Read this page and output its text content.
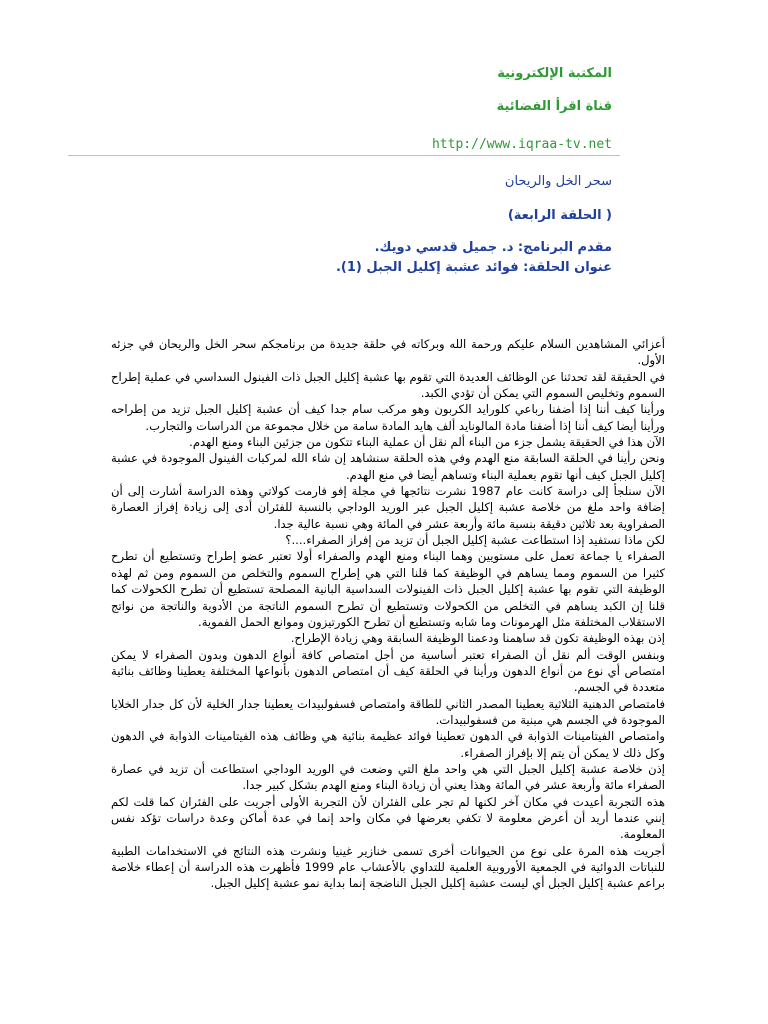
المكتبة الإلكترونية
قناة اقرأ الفضائية
http://www.iqraa-tv.net
سحر الخل والريحان
( الحلقة الرابعة)
مقدم البرنامج: د. جميل قدسي دويك.
عنوان الحلقة: فوائد عشبة إكليل الجبل (1).

أعزائي المشاهدين السلام عليكم ورحمة الله وبركاته في حلقة جديدة من برنامجكم سحر الخل والريحان في جزئه الأول.

في الحقيقة لقد تحدثنا عن الوظائف العديدة التي تقوم بها عشبة إكليل الجبل ذات الفينول السداسي في عملية إطراح السموم وتخليص السموم التي يمكن أن تؤدي الكبد.

ورأينا كيف أننا إذا أضفنا رباعي كلورايد الكربون وهو مركب سام جدا كيف أن عشبة إكليل الجبل تزيد من إطراحه ورأينا أيضا كيف أننا إذا أضفنا مادة المالونايد ألف هايد المادة سامة من خلال مجموعة من الدراسات والتجارب.

الآن هذا في الحقيقة يشمل جزء من البناء ألم نقل أن عملية البناء تتكون من جزئين البناء ومنع الهدم.

ونحن رأينا في الحلقة السابقة منع الهدم وفي هذه الحلقة سنشاهد إن شاء الله لمركبات الفينول الموجودة في عشبة إكليل الجبل كيف أنها تقوم بعملية البناء وتساهم أيضا في منع الهدم.

الآن سنلجأ إلى دراسة كانت عام 1987 نشرت نتائجها في مجلة إفو فارمت كولاتي وهذه الدراسة أشارت إلى أن إضافة واحد ملغ من خلاصة عشبة إكليل الجبل عبر الوريد الوداجي بالنسبة للفئران أدى إلى زيادة إفراز العصارة الصفراوية بعد ثلاثين دقيقة بنسبة مائة وأربعة عشر في المائة وهي نسبة عالية جدا.

لكن ماذا نستفيد إذا استطاعت عشبة إكليل الجبل أن تزيد من إفراز الصفراء....؟

الصفراء يا جماعة تعمل على مستويين وهما البناء ومنع الهدم والصفراء أولا تعتبر عضو إطراح وتستطيع أن تطرح كثيرا من السموم ومما يساهم في الوظيفة كما قلنا التي هي إطراح السموم والتخلص من السموم ومن ثم لهذه الوظيفة التي تقوم بها عشبة إكليل الجبل ذات الفينولات السداسية البانية المصلحة تستطيع أن تطرح الكحولات كما قلنا إن الكبد يساهم في التخلص من الكحولات وتستطيع أن تطرح السموم الناتجة من الأدوية والناتجة من نواتج الاستقلاب المختلفة مثل الهرمونات وما شابه وتستطيع أن تطرح الكورتيزون وموانع الحمل الفموية.

إذن بهذه الوظيفة تكون قد ساهمنا ودعمنا الوظيفة السابقة وهي زيادة الإطراح.

وبنفس الوقت ألم نقل أن الصفراء تعتبر أساسية من أجل امتصاص كافة أنواع الدهون وبدون الصفراء لا يمكن امتصاص أي نوع من أنواع الدهون ورأينا في الحلقة كيف أن امتصاص الدهون بأنواعها المختلفة يعطينا وظائف بنائية متعددة في الجسم.

فامتصاص الدهنية الثلاثية يعطينا المصدر الثاني للطاقة وامتصاص فسفولبيدات يعطينا جدار الخلية لأن كل جدار الخلايا الموجودة في الجسم هي مبنية من فسفولبيدات.

وامتصاص الفيتامينات الذوابة في الدهون تعطينا فوائد عظيمة بنائية هي وظائف هذه الفيتامينات الذوابة في الدهون وكل ذلك لا يمكن أن يتم إلا بإفراز الصفراء.

إذن خلاصة عشبة إكليل الجبل التي هي واحد ملغ التي وضعت في الوريد الوداجي استطاعت أن تزيد في عصارة الصفراء مائة وأربعة عشر في المائة وهذا يعني أن زيادة البناء ومنع الهدم بشكل كبير جدا.

هذه التجربة أعيدت في مكان آخر لكنها لم تجر على الفئران لأن التجربة الأولى أجريت على الفئران كما قلت لكم إنني عندما أريد أن أعرض معلومة لا تكفي بعرضها في مكان واحد إنما في عدة أماكن وعدة دراسات تؤكد نفس المعلومة.

أجريت هذه المرة على نوع من الحيوانات أخرى تسمى خنازير غينيا ونشرت هذه النتائج في الاستخدامات الطبية للنباتات الدوائية في الجمعية الأوروبية العلمية للتداوي بالأعشاب عام 1999 فأظهرت هذه الدراسة أن إعطاء خلاصة براعم عشبة إكليل الجبل أي ليست عشبة إكليل الجبل الناضجة إنما بداية نمو عشبة إكليل الجبل.
